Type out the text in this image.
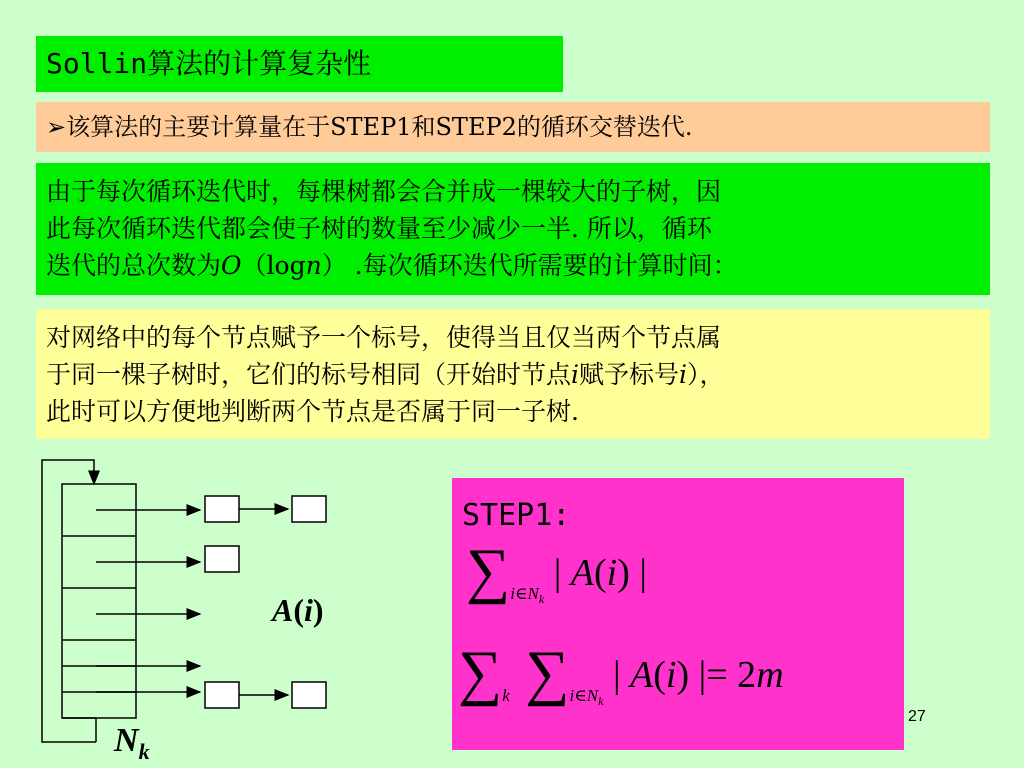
Sollin算法的计算复杂性
➢该算法的主要计算量在于STEP1和STEP2的循环交替迭代.
由于每次循环迭代时，每棵树都会合并成一棵较大的子树，因
此每次循环迭代都会使子树的数量至少减少一半. 所以，循环
迭代的总次数为O（logn） .每次循环迭代所需要的计算时间：
对网络中的每个节点赋予一个标号，使得当且仅当两个节点属
于同一棵子树时，它们的标号相同（开始时节点i赋予标号i），
此时可以方便地判断两个节点是否属于同一子树.
A(i)
$N_k$
STEP1:
$\sum i\in N_k$ | A(i) |
∑k $\sum i\in N_k$ | A(i) |= 2m
27
